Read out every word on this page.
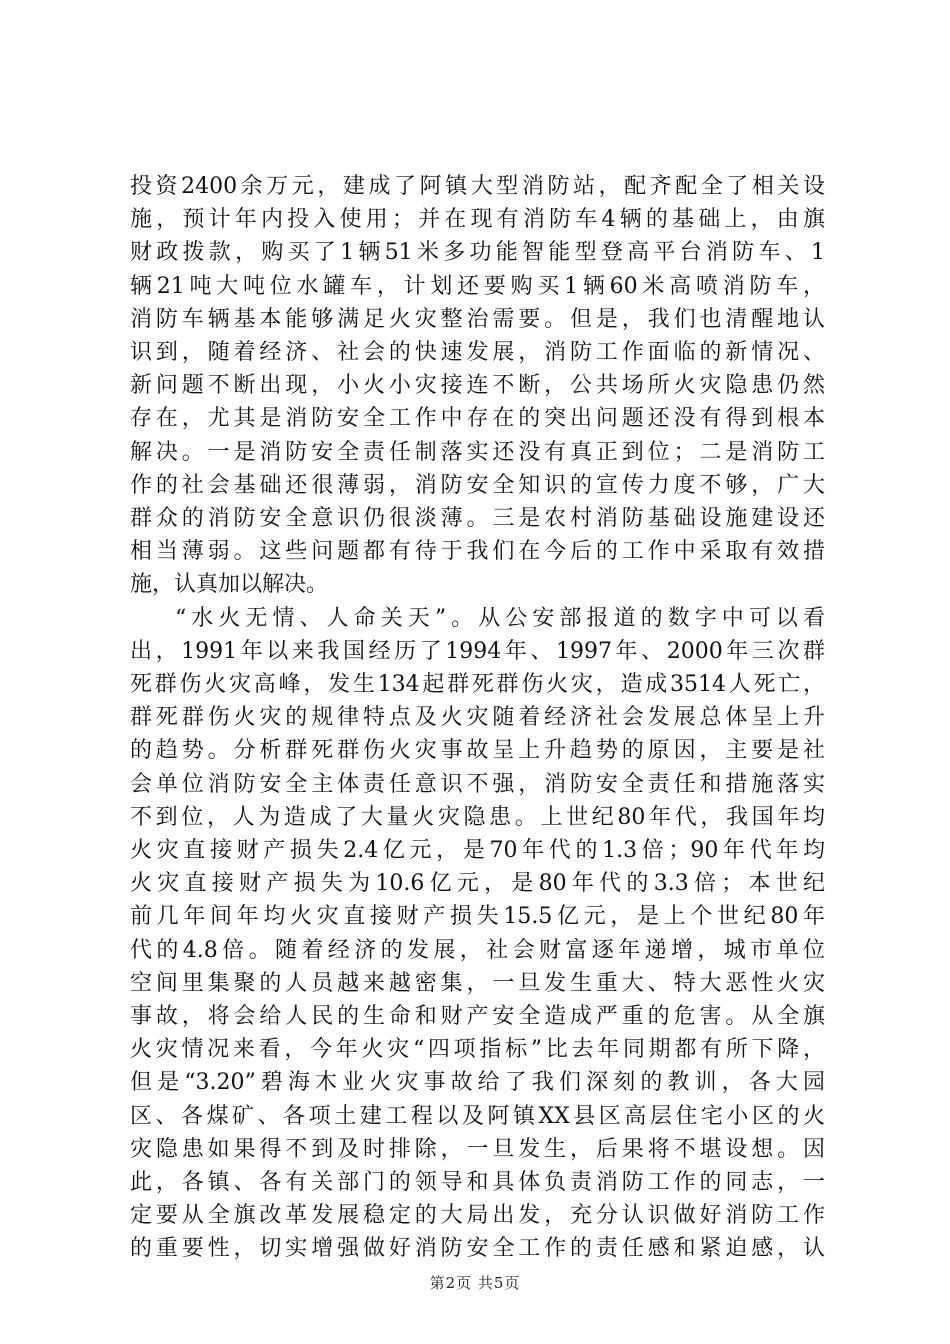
投资2400余万元，建成了阿镇大型消防站，配齐配全了相关设
施，预计年内投入使用；并在现有消防车4辆的基础上，由旗
财政拨款，购买了1辆51米多功能智能型登高平台消防车、1
辆21吨大吨位水罐车，计划还要购买1辆60米高喷消防车，
消防车辆基本能够满足火灾整治需要。但是，我们也清醒地认
识到，随着经济、社会的快速发展，消防工作面临的新情况、
新问题不断出现，小火小灾接连不断，公共场所火灾隐患仍然
存在，尤其是消防安全工作中存在的突出问题还没有得到根本
解决。一是消防安全责任制落实还没有真正到位；二是消防工
作的社会基础还很薄弱，消防安全知识的宣传力度不够，广大
群众的消防安全意识仍很淡薄。三是农村消防基础设施建设还
相当薄弱。这些问题都有待于我们在今后的工作中采取有效措
施，认真加以解决。
“水火无情、人命关天”。从公安部报道的数字中可以看
出，1991年以来我国经历了1994年、1997年、2000年三次群
死群伤火灾高峰，发生134起群死群伤火灾，造成3514人死亡，
群死群伤火灾的规律特点及火灾随着经济社会发展总体呈上升
的趋势。分析群死群伤火灾事故呈上升趋势的原因，主要是社
会单位消防安全主体责任意识不强，消防安全责任和措施落实
不到位，人为造成了大量火灾隐患。上世纪80年代，我国年均
火灾直接财产损失2.4亿元，是70年代的1.3倍；90年代年均
火灾直接财产损失为10.6亿元，是80年代的3.3倍；本世纪
前几年间年均火灾直接财产损失15.5亿元，是上个世纪80年
代的4.8倍。随着经济的发展，社会财富逐年递增，城市单位
空间里集聚的人员越来越密集，一旦发生重大、特大恶性火灾
事故，将会给人民的生命和财产安全造成严重的危害。从全旗
火灾情况来看，今年火灾“四项指标”比去年同期都有所下降，
但是“3.20”碧海木业火灾事故给了我们深刻的教训，各大园
区、各煤矿、各项土建工程以及阿镇XX县区高层住宅小区的火
灾隐患如果得不到及时排除，一旦发生，后果将不堪设想。因
此，各镇、各有关部门的领导和具体负责消防工作的同志，一
定要从全旗改革发展稳定的大局出发，充分认识做好消防工作
的重要性，切实增强做好消防安全工作的责任感和紧迫感，认
第2页 共5页
